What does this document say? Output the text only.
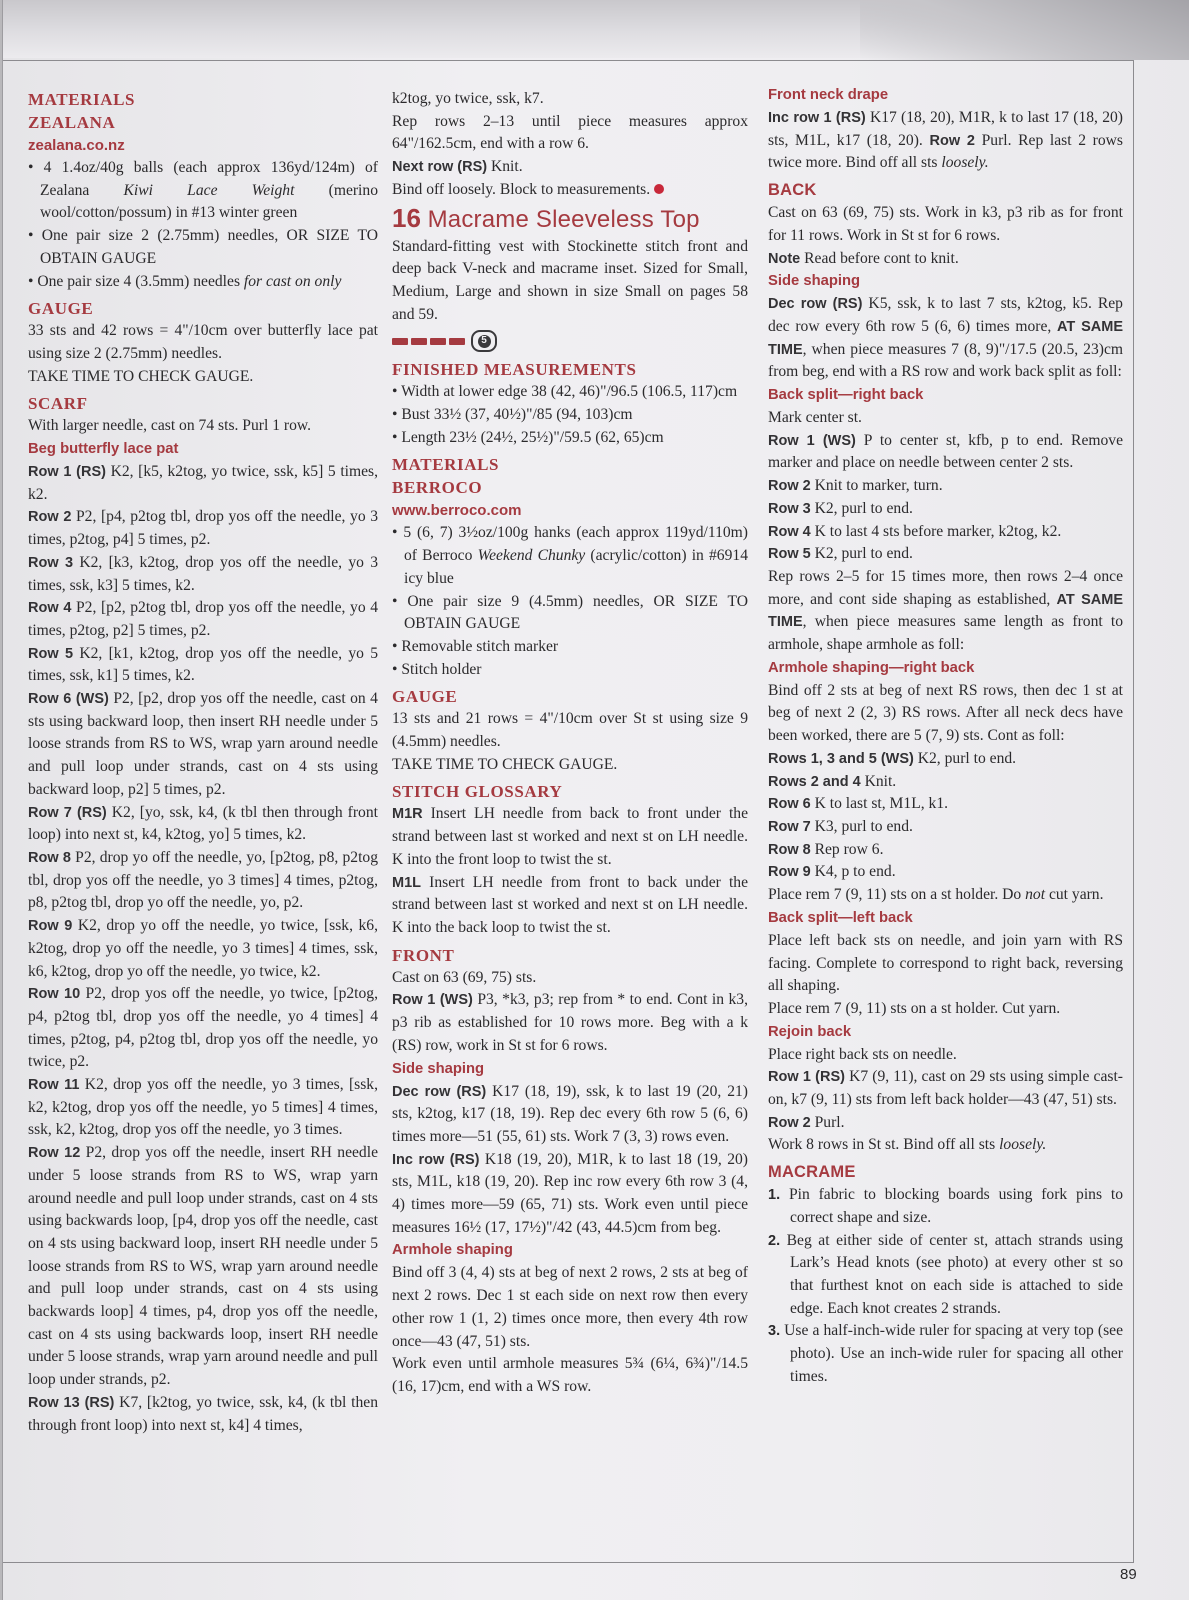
MATERIALS

ZEALANA

zealana.co.nz

• 4 1.4oz/40g balls (each approx 136yd/124m) of Zealana Kiwi Lace Weight (merino wool/cotton/possum) in #13 winter green

• One pair size 2 (2.75mm) needles, OR SIZE TO OBTAIN GAUGE

• One pair size 4 (3.5mm) needles for cast on only

GAUGE

33 sts and 42 rows = 4"/10cm over butterfly lace pat using size 2 (2.75mm) needles.

TAKE TIME TO CHECK GAUGE.

SCARF

With larger needle, cast on 74 sts. Purl 1 row.

Beg butterfly lace pat

Row 1 (RS) K2, [k5, k2tog, yo twice, ssk, k5] 5 times, k2.

Row 2 P2, [p4, p2tog tbl, drop yos off the needle, yo 3 times, p2tog, p4] 5 times, p2.

Row 3 K2, [k3, k2tog, drop yos off the needle, yo 3 times, ssk, k3] 5 times, k2.

Row 4 P2, [p2, p2tog tbl, drop yos off the needle, yo 4 times, p2tog, p2] 5 times, p2.

Row 5 K2, [k1, k2tog, drop yos off the needle, yo 5 times, ssk, k1] 5 times, k2.

Row 6 (WS) P2, [p2, drop yos off the needle, cast on 4 sts using backward loop, then insert RH needle under 5 loose strands from RS to WS, wrap yarn around needle and pull loop under strands, cast on 4 sts using backward loop, p2] 5 times, p2.

Row 7 (RS) K2, [yo, ssk, k4, (k tbl then through front loop) into next st, k4, k2tog, yo] 5 times, k2.

Row 8 P2, drop yo off the needle, yo, [p2tog, p8, p2tog tbl, drop yos off the needle, yo 3 times] 4 times, p2tog, p8, p2tog tbl, drop yo off the needle, yo, p2.

Row 9 K2, drop yo off the needle, yo twice, [ssk, k6, k2tog, drop yo off the needle, yo 3 times] 4 times, ssk, k6, k2tog, drop yo off the needle, yo twice, k2.

Row 10 P2, drop yos off the needle, yo twice, [p2tog, p4, p2tog tbl, drop yos off the needle, yo 4 times] 4 times, p2tog, p4, p2tog tbl, drop yos off the needle, yo twice, p2.

Row 11 K2, drop yos off the needle, yo 3 times, [ssk, k2, k2tog, drop yos off the needle, yo 5 times] 4 times, ssk, k2, k2tog, drop yos off the needle, yo 3 times.

Row 12 P2, drop yos off the needle, insert RH needle under 5 loose strands from RS to WS, wrap yarn around needle and pull loop under strands, cast on 4 sts using backwards loop, [p4, drop yos off the needle, cast on 4 sts using backward loop, insert RH needle under 5 loose strands from RS to WS, wrap yarn around needle and pull loop under strands, cast on 4 sts using backwards loop] 4 times, p4, drop yos off the needle, cast on 4 sts using backwards loop, insert RH needle under 5 loose strands, wrap yarn around needle and pull loop under strands, p2.

Row 13 (RS) K7, [k2tog, yo twice, ssk, k4, (k tbl then through front loop) into next st, k4] 4 times,

k2tog, yo twice, ssk, k7.

Rep rows 2–13 until piece measures approx 64"/162.5cm, end with a row 6.

Next row (RS) Knit.

Bind off loosely. Block to measurements.

16 Macrame Sleeveless Top

Standard-fitting vest with Stockinette stitch front and deep back V-neck and macrame inset. Sized for Small, Medium, Large and shown in size Small on pages 58 and 59.

5

FINISHED MEASUREMENTS

• Width at lower edge 38 (42, 46)"/96.5 (106.5, 117)cm

• Bust 33½ (37, 40½)"/85 (94, 103)cm

• Length 23½ (24½, 25½)"/59.5 (62, 65)cm

MATERIALS

BERROCO

www.berroco.com

• 5 (6, 7) 3½oz/100g hanks (each approx 119yd/110m) of Berroco Weekend Chunky (acrylic/cotton) in #6914 icy blue

• One pair size 9 (4.5mm) needles, OR SIZE TO OBTAIN GAUGE

• Removable stitch marker

• Stitch holder

GAUGE

13 sts and 21 rows = 4"/10cm over St st using size 9 (4.5mm) needles.

TAKE TIME TO CHECK GAUGE.

STITCH GLOSSARY

M1R Insert LH needle from back to front under the strand between last st worked and next st on LH needle. K into the front loop to twist the st.

M1L Insert LH needle from front to back under the strand between last st worked and next st on LH needle. K into the back loop to twist the st.

FRONT

Cast on 63 (69, 75) sts.

Row 1 (WS) P3, *k3, p3; rep from * to end. Cont in k3, p3 rib as established for 10 rows more. Beg with a k (RS) row, work in St st for 6 rows.

Side shaping

Dec row (RS) K17 (18, 19), ssk, k to last 19 (20, 21) sts, k2tog, k17 (18, 19). Rep dec every 6th row 5 (6, 6) times more—51 (55, 61) sts. Work 7 (3, 3) rows even.

Inc row (RS) K18 (19, 20), M1R, k to last 18 (19, 20) sts, M1L, k18 (19, 20). Rep inc row every 6th row 3 (4, 4) times more—59 (65, 71) sts. Work even until piece measures 16½ (17, 17½)"/42 (43, 44.5)cm from beg.

Armhole shaping

Bind off 3 (4, 4) sts at beg of next 2 rows, 2 sts at beg of next 2 rows. Dec 1 st each side on next row then every other row 1 (1, 2) times once more, then every 4th row once—43 (47, 51) sts.

Work even until armhole measures 5¾ (6¼, 6¾)"/14.5 (16, 17)cm, end with a WS row.

Front neck drape

Inc row 1 (RS) K17 (18, 20), M1R, k to last 17 (18, 20) sts, M1L, k17 (18, 20). Row 2 Purl. Rep last 2 rows twice more. Bind off all sts loosely.

BACK

Cast on 63 (69, 75) sts. Work in k3, p3 rib as for front for 11 rows. Work in St st for 6 rows.

Note Read before cont to knit.

Side shaping

Dec row (RS) K5, ssk, k to last 7 sts, k2tog, k5. Rep dec row every 6th row 5 (6, 6) times more, AT SAME TIME, when piece measures 7 (8, 9)"/17.5 (20.5, 23)cm from beg, end with a RS row and work back split as foll:

Back split—right back

Mark center st.

Row 1 (WS) P to center st, kfb, p to end. Remove marker and place on needle between center 2 sts.

Row 2 Knit to marker, turn.

Row 3 K2, purl to end.

Row 4 K to last 4 sts before marker, k2tog, k2.

Row 5 K2, purl to end.

Rep rows 2–5 for 15 times more, then rows 2–4 once more, and cont side shaping as established, AT SAME TIME, when piece measures same length as front to armhole, shape armhole as foll:

Armhole shaping—right back

Bind off 2 sts at beg of next RS rows, then dec 1 st at beg of next 2 (2, 3) RS rows. After all neck decs have been worked, there are 5 (7, 9) sts. Cont as foll:

Rows 1, 3 and 5 (WS) K2, purl to end.

Rows 2 and 4 Knit.

Row 6 K to last st, M1L, k1.

Row 7 K3, purl to end.

Row 8 Rep row 6.

Row 9 K4, p to end.

Place rem 7 (9, 11) sts on a st holder. Do not cut yarn.

Back split—left back

Place left back sts on needle, and join yarn with RS facing. Complete to correspond to right back, reversing all shaping.

Place rem 7 (9, 11) sts on a st holder. Cut yarn.

Rejoin back

Place right back sts on needle.

Row 1 (RS) K7 (9, 11), cast on 29 sts using simple cast-on, k7 (9, 11) sts from left back holder—43 (47, 51) sts.

Row 2 Purl.

Work 8 rows in St st. Bind off all sts loosely.

MACRAME

1. Pin fabric to blocking boards using fork pins to correct shape and size.

2. Beg at either side of center st, attach strands using Lark’s Head knots (see photo) at every other st so that furthest knot on each side is attached to side edge. Each knot creates 2 strands.

3. Use a half-inch-wide ruler for spacing at very top (see photo). Use an inch-wide ruler for spacing all other times.

89
